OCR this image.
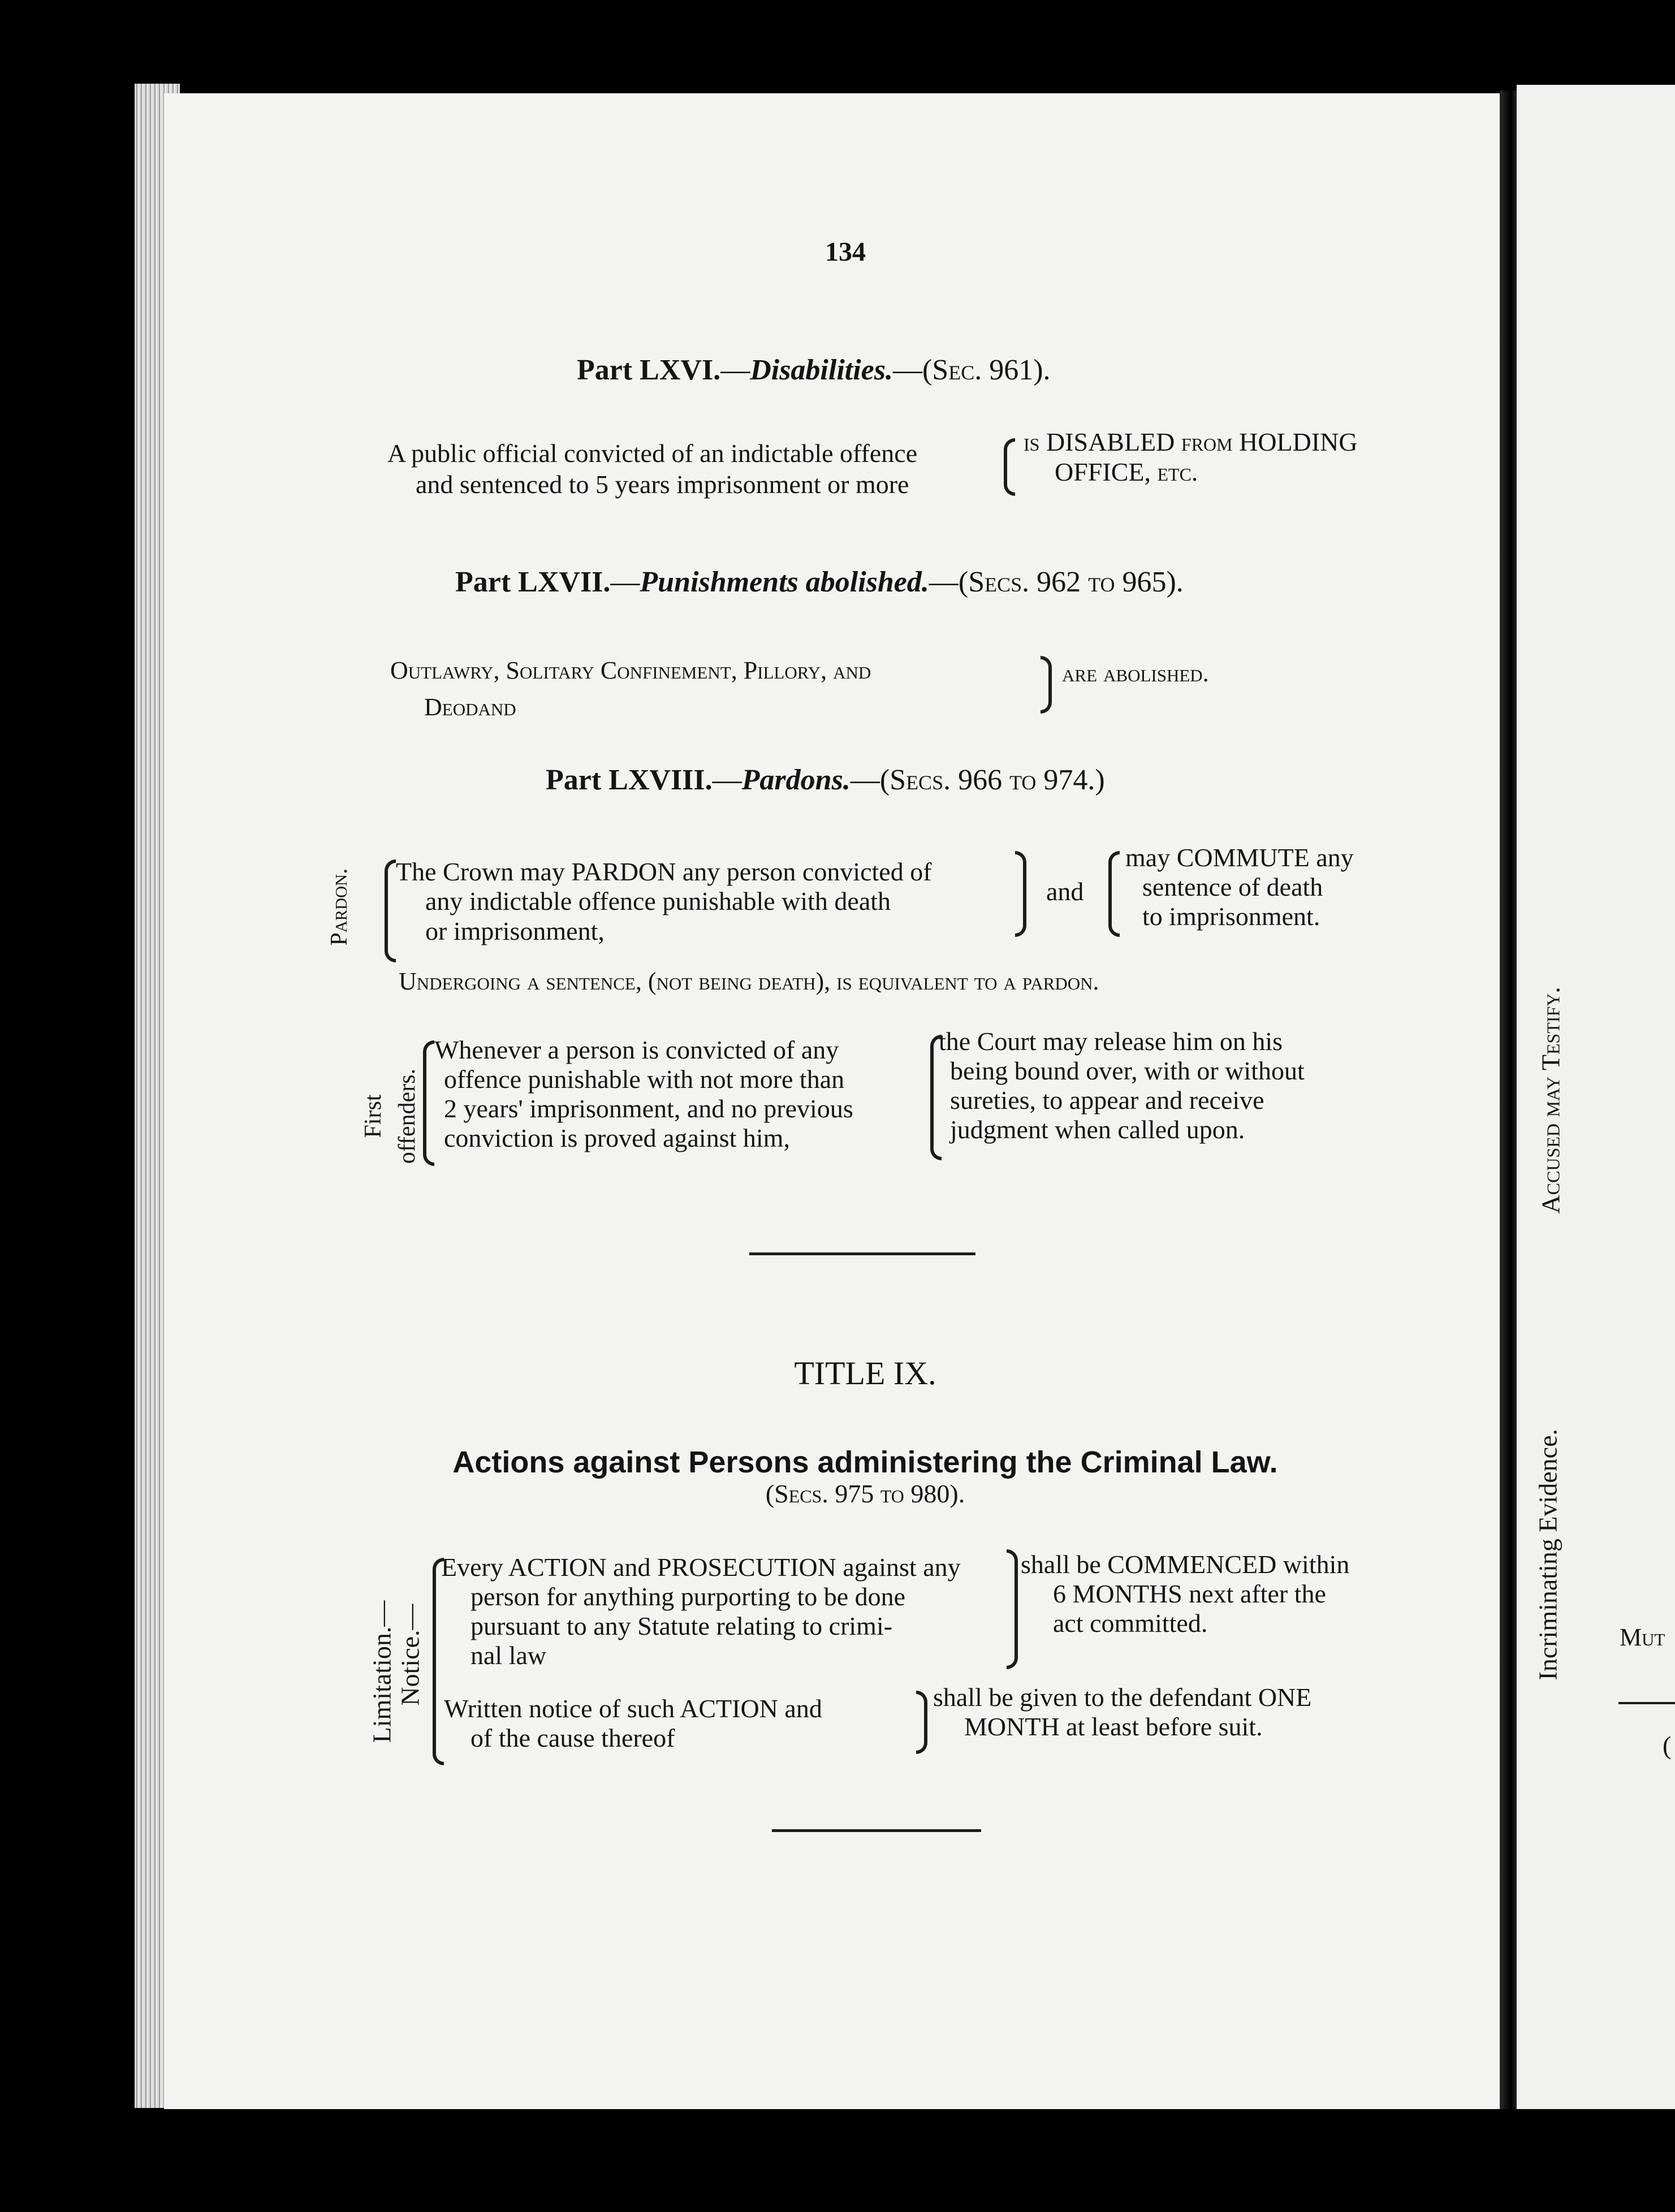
Accused may Testify.
Incriminating Evidence. Mut
(
134
Part LXVI.—Disabilities.—(Sec. 961).
A public official convicted of an indictable offence
and sentenced to 5 years imprisonment or more
is DISABLED from HOLDING
OFFICE, etc.
Part LXVII.—Punishments abolished.—(Secs. 962 to 965).
Outlawry, Solitary Confinement, Pillory, and
Deodand
are abolished.
Part LXVIII.—Pardons.—(Secs. 966 to 974.)
Pardon. The Crown may PARDON any person convicted of
any indictable offence punishable with death
or imprisonment,
and
may COMMUTE any
sentence of death
to imprisonment.
Undergoing a sentence, (not being death), is equivalent to a pardon.
First offenders.
Whenever a person is convicted of any
offence punishable with not more than
2 years' imprisonment, and no previous
conviction is proved against him,
the Court may release him on his
being bound over, with or without
sureties, to appear and receive
judgment when called upon.
TITLE IX.
Actions against Persons administering the Criminal Law.
(Secs. 975 to 980).
Limitation.— Notice.—
Every ACTION and PROSECUTION against any
person for anything purporting to be done
pursuant to any Statute relating to crimi-
nal law
shall be COMMENCED within
6 MONTHS next after the
act committed.
Written notice of such ACTION and
of the cause thereof
shall be given to the defendant ONE
MONTH at least before suit.
